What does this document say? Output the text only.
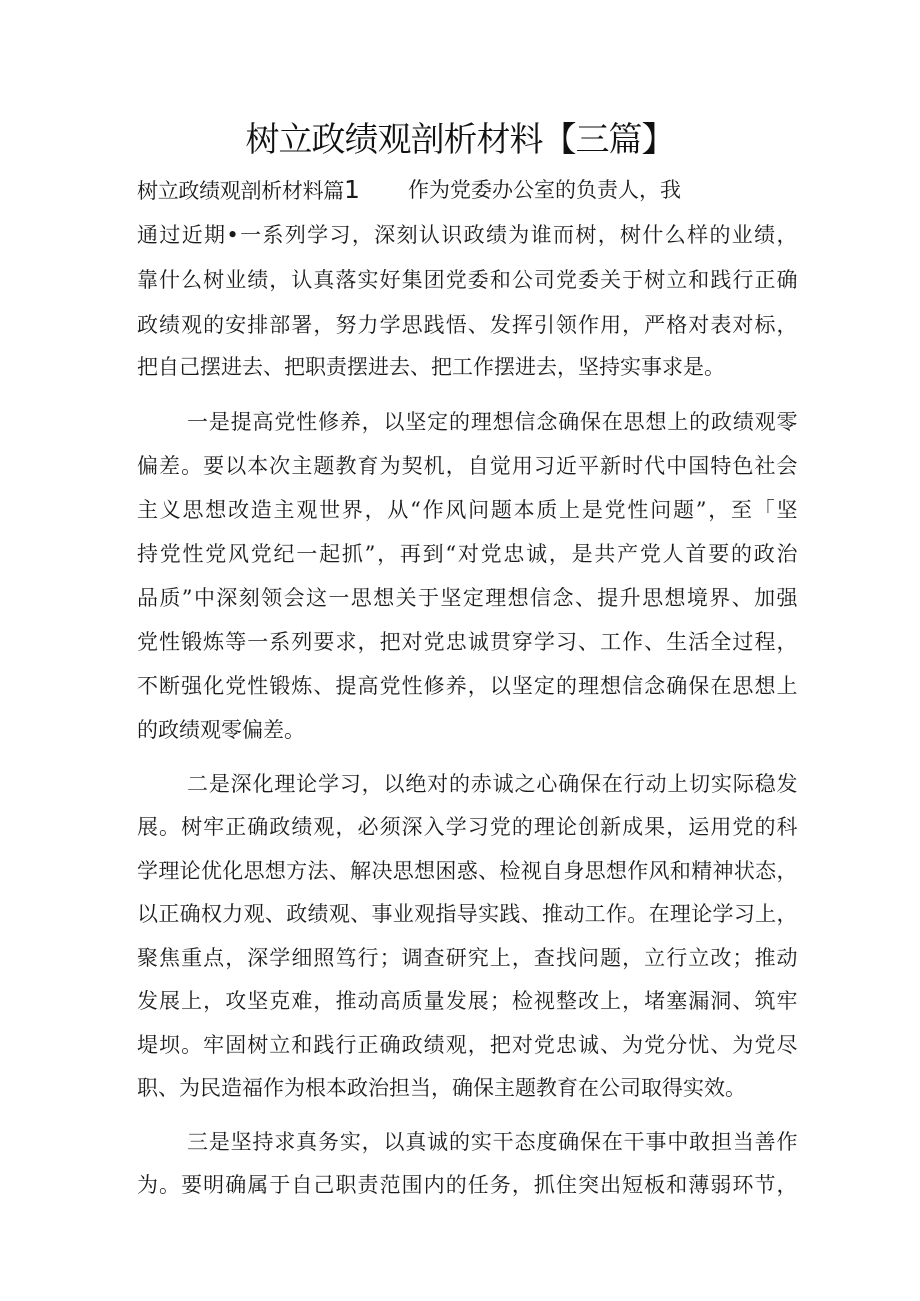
树立政绩观剖析材料【三篇】
树立政绩观剖析材料篇1	作为党委办公室的负责人，我
通过近期•一系列学习，深刻认识政绩为谁而树，树什么样的业绩，
靠什么树业绩，认真落实好集团党委和公司党委关于树立和践行正确
政绩观的安排部署，努力学思践悟、发挥引领作用，严格对表对标，
把自己摆进去、把职责摆进去、把工作摆进去，坚持实事求是。
一是提高党性修养，以坚定的理想信念确保在思想上的政绩观零
偏差。要以本次主题教育为契机，自觉用习近平新时代中国特色社会
主义思想改造主观世界，从“作风问题本质上是党性问题”，至「坚
持党性党风党纪一起抓”，再到“对党忠诚，是共产党人首要的政治
品质”中深刻领会这一思想关于坚定理想信念、提升思想境界、加强
党性锻炼等一系列要求，把对党忠诚贯穿学习、工作、生活全过程，
不断强化党性锻炼、提高党性修养，以坚定的理想信念确保在思想上
的政绩观零偏差。
二是深化理论学习，以绝对的赤诚之心确保在行动上切实际稳发
展。树牢正确政绩观，必须深入学习党的理论创新成果，运用党的科
学理论优化思想方法、解决思想困惑、检视自身思想作风和精神状态，
以正确权力观、政绩观、事业观指导实践、推动工作。在理论学习上，
聚焦重点，深学细照笃行；调查研究上，查找问题，立行立改；推动
发展上，攻坚克难，推动高质量发展；检视整改上，堵塞漏洞、筑牢
堤坝。牢固树立和践行正确政绩观，把对党忠诚、为党分忧、为党尽
职、为民造福作为根本政治担当，确保主题教育在公司取得实效。
三是坚持求真务实，以真诚的实干态度确保在干事中敢担当善作
为。要明确属于自己职责范围内的任务，抓住突出短板和薄弱环节，
